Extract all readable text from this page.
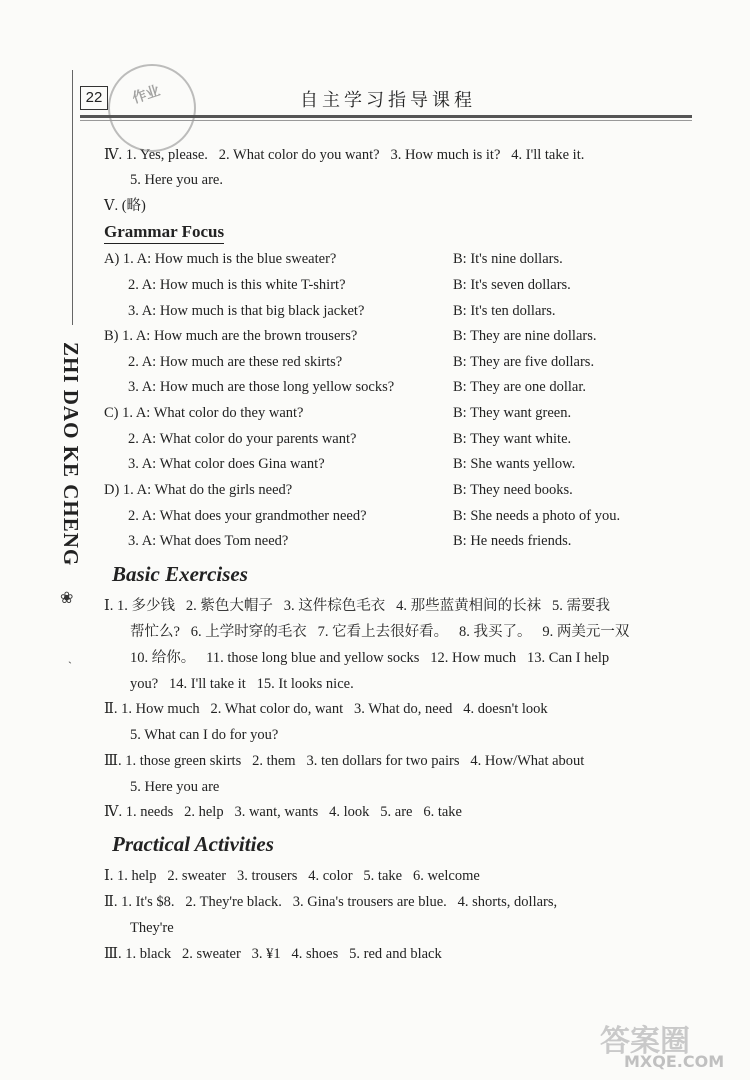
22	作业	自主学习指导课程
ZHI DAO KE CHENG
❀
ˎ
Ⅳ. 1. Yes, please.   2. What color do you want?   3. How much is it?   4. I'll take it.
5. Here you are.
Ⅴ. (略)
Grammar Focus
A) 1. A: How much is the blue sweater?	B: It's nine dollars.
2. A: How much is this white T-shirt?	B: It's seven dollars.
3. A: How much is that big black jacket?	B: It's ten dollars.
B) 1. A: How much are the brown trousers?	B: They are nine dollars.
2. A: How much are these red skirts?	B: They are five dollars.
3. A: How much are those long yellow socks?	B: They are one dollar.
C) 1. A: What color do they want?	B: They want green.
2. A: What color do your parents want?	B: They want white.
3. A: What color does Gina want?	B: She wants yellow.
D) 1. A: What do the girls need?	B: They need books.
2. A: What does your grandmother need?	B: She needs a photo of you.
3. A: What does Tom need?	B: He needs friends.
Basic Exercises
Ⅰ. 1. 多少钱   2. 紫色大帽子   3. 这件棕色毛衣   4. 那些蓝黄相间的长袜   5. 需要我
帮忙么?   6. 上学时穿的毛衣   7. 它看上去很好看。   8. 我买了。   9. 两美元一双
10. 给你。   11. those long blue and yellow socks   12. How much   13. Can I help
you?   14. I'll take it   15. It looks nice.
Ⅱ. 1. How much   2. What color do, want   3. What do, need   4. doesn't look
5. What can I do for you?
Ⅲ. 1. those green skirts   2. them   3. ten dollars for two pairs   4. How/What about
5. Here you are
Ⅳ. 1. needs   2. help   3. want, wants   4. look   5. are   6. take
Practical Activities
Ⅰ. 1. help   2. sweater   3. trousers   4. color   5. take   6. welcome
Ⅱ. 1. It's $8.   2. They're black.   3. Gina's trousers are blue.   4. shorts, dollars,
They're
Ⅲ. 1. black   2. sweater   3. ¥1   4. shoes   5. red and black
答案圈
MXQE.COM
